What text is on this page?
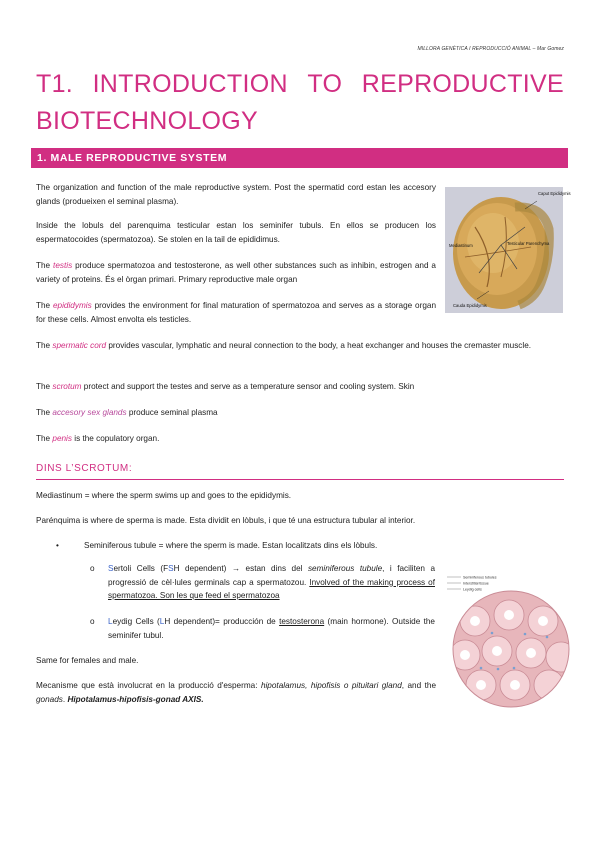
MILLORA GENÈTICA I REPRODUCCIÓ ANIMAL – Mar Gomez
T1. INTRODUCTION TO REPRODUCTIVE
BIOTECHNOLOGY
1. MALE REPRODUCTIVE SYSTEM
The organization and function of the male reproductive system. Post the spermatid cord estan les accesory glands (produeixen el seminal plasma).
Inside the lobuls del parenquima testicular estan los seminifer tubuls. En ellos se producen los espermatocoides (spermatozoa). Se stolen en la tail de epididimus.
The testis produce spermatozoa and testosterone, as well other substances such as inhibin, estrogen and a variety of proteins. És el òrgan primari. Primary reproductive male organ
The epididymis provides the environment for final maturation of spermatozoa and serves as a storage organ for these cells. Almost envolta els testicles.
The spermatic cord provides vascular, lymphatic and neural connection to the body, a heat exchanger and houses the cremaster muscle.
The scrotum protect and support the testes and serve as a temperature sensor and cooling system. Skin
The accesory sex glands produce seminal plasma
The penis is the copulatory organ.
Caput Epididymis
Mediastinum	Testicular Parenchyma
Cauda Epididymis
DINS L’SCROTUM:
Mediastinum = where the sperm swims up and goes to the epididymis.
Parénquima is where de sperma is made. Esta dividit en lòbuls, i que té una estructura tubular al interior.
•	Seminiferous tubule = where the sperm is made. Estan localitzats dins els lòbuls.
o	Sertoli Cells (FSH dependent) → estan dins del seminiferous tubule, i faciliten a progressió de cèl·lules germinals cap a spermatozou. Involved of the making process of spermatozoa. Son les que feed el spermatozoa
o	Leydig Cells (LH dependent)= producción de testosterona (main hormone). Outside the seminifer tubul.
Same for females and male.
Mecanisme que està involucrat en la producció d'esperma: hipotalamus, hipofisis o pituitari gland, and the gonads. Hipotalamus-hipofisis-gonad AXIS.
Seminiferous tubules
Interstitial tissue
Leydig cells
